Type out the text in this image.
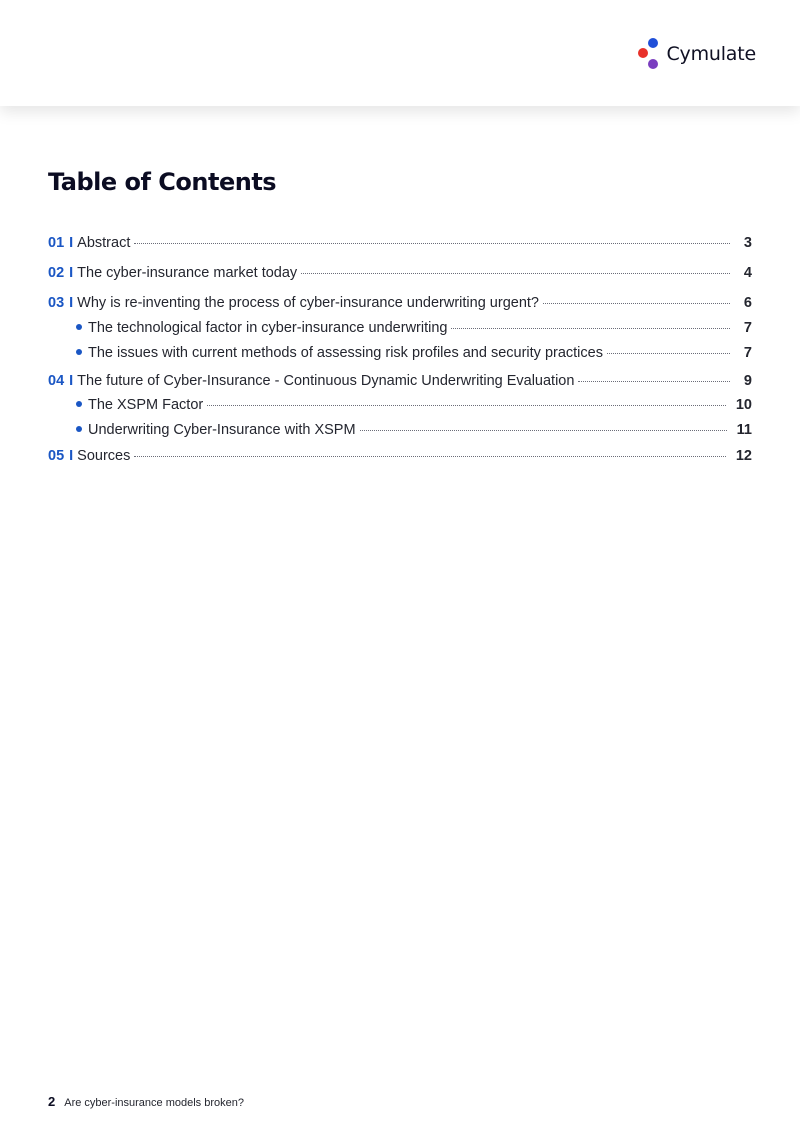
Cymulate
Table of Contents
01 I Abstract	3
02 I The cyber-insurance market today	4
03 I Why is re-inventing the process of cyber-insurance underwriting urgent?	6
The technological factor in cyber-insurance underwriting	7
The issues with current methods of assessing risk profiles and security practices	7
04 I The future of Cyber-Insurance - Continuous Dynamic Underwriting Evaluation	9
The XSPM Factor	10
Underwriting Cyber-Insurance with XSPM	11
05 I Sources	12
2 Are cyber-insurance models broken?
